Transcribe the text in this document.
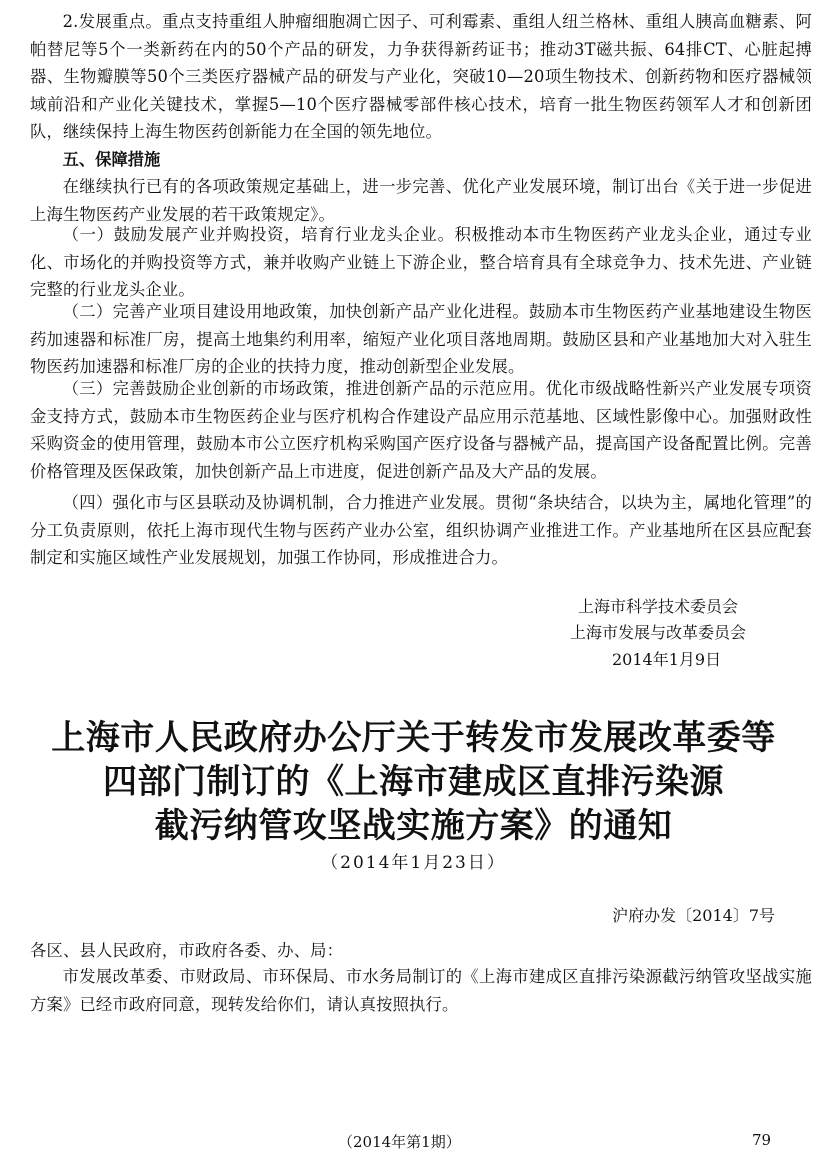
2.发展重点。重点支持重组人肿瘤细胞凋亡因子、可利霉素、重组人纽兰格林、重组人胰高血糖素、阿帕替尼等5个一类新药在内的50个产品的研发，力争获得新药证书；推动3T磁共振、64排CT、心脏起搏器、生物瓣膜等50个三类医疗器械产品的研发与产业化，突破10—20项生物技术、创新药物和医疗器械领域前沿和产业化关键技术，掌握5—10个医疗器械零部件核心技术，培育一批生物医药领军人才和创新团队，继续保持上海生物医药创新能力在全国的领先地位。

五、保障措施

在继续执行已有的各项政策规定基础上，进一步完善、优化产业发展环境，制订出台《关于进一步促进上海生物医药产业发展的若干政策规定》。

（一）鼓励发展产业并购投资，培育行业龙头企业。积极推动本市生物医药产业龙头企业，通过专业化、市场化的并购投资等方式，兼并收购产业链上下游企业，整合培育具有全球竞争力、技术先进、产业链完整的行业龙头企业。

（二）完善产业项目建设用地政策，加快创新产品产业化进程。鼓励本市生物医药产业基地建设生物医药加速器和标准厂房，提高土地集约利用率，缩短产业化项目落地周期。鼓励区县和产业基地加大对入驻生物医药加速器和标准厂房的企业的扶持力度，推动创新型企业发展。

（三）完善鼓励企业创新的市场政策，推进创新产品的示范应用。优化市级战略性新兴产业发展专项资金支持方式，鼓励本市生物医药企业与医疗机构合作建设产品应用示范基地、区域性影像中心。加强财政性采购资金的使用管理，鼓励本市公立医疗机构采购国产医疗设备与器械产品，提高国产设备配置比例。完善价格管理及医保政策，加快创新产品上市进度，促进创新产品及大产品的发展。

（四）强化市与区县联动及协调机制，合力推进产业发展。贯彻“条块结合，以块为主，属地化管理”的分工负责原则，依托上海市现代生物与医药产业办公室，组织协调产业推进工作。产业基地所在区县应配套制定和实施区域性产业发展规划，加强工作协同，形成推进合力。

上海市科学技术委员会

上海市发展与改革委员会

2014年1月9日

上海市人民政府办公厅关于转发市发展改革委等

四部门制订的《上海市建成区直排污染源

截污纳管攻坚战实施方案》的通知

（2014年1月23日）

沪府办发〔2014〕7号

各区、县人民政府，市政府各委、办、局：

市发展改革委、市财政局、市环保局、市水务局制订的《上海市建成区直排污染源截污纳管攻坚战实施方案》已经市政府同意，现转发给你们，请认真按照执行。

（2014年第1期）	79
